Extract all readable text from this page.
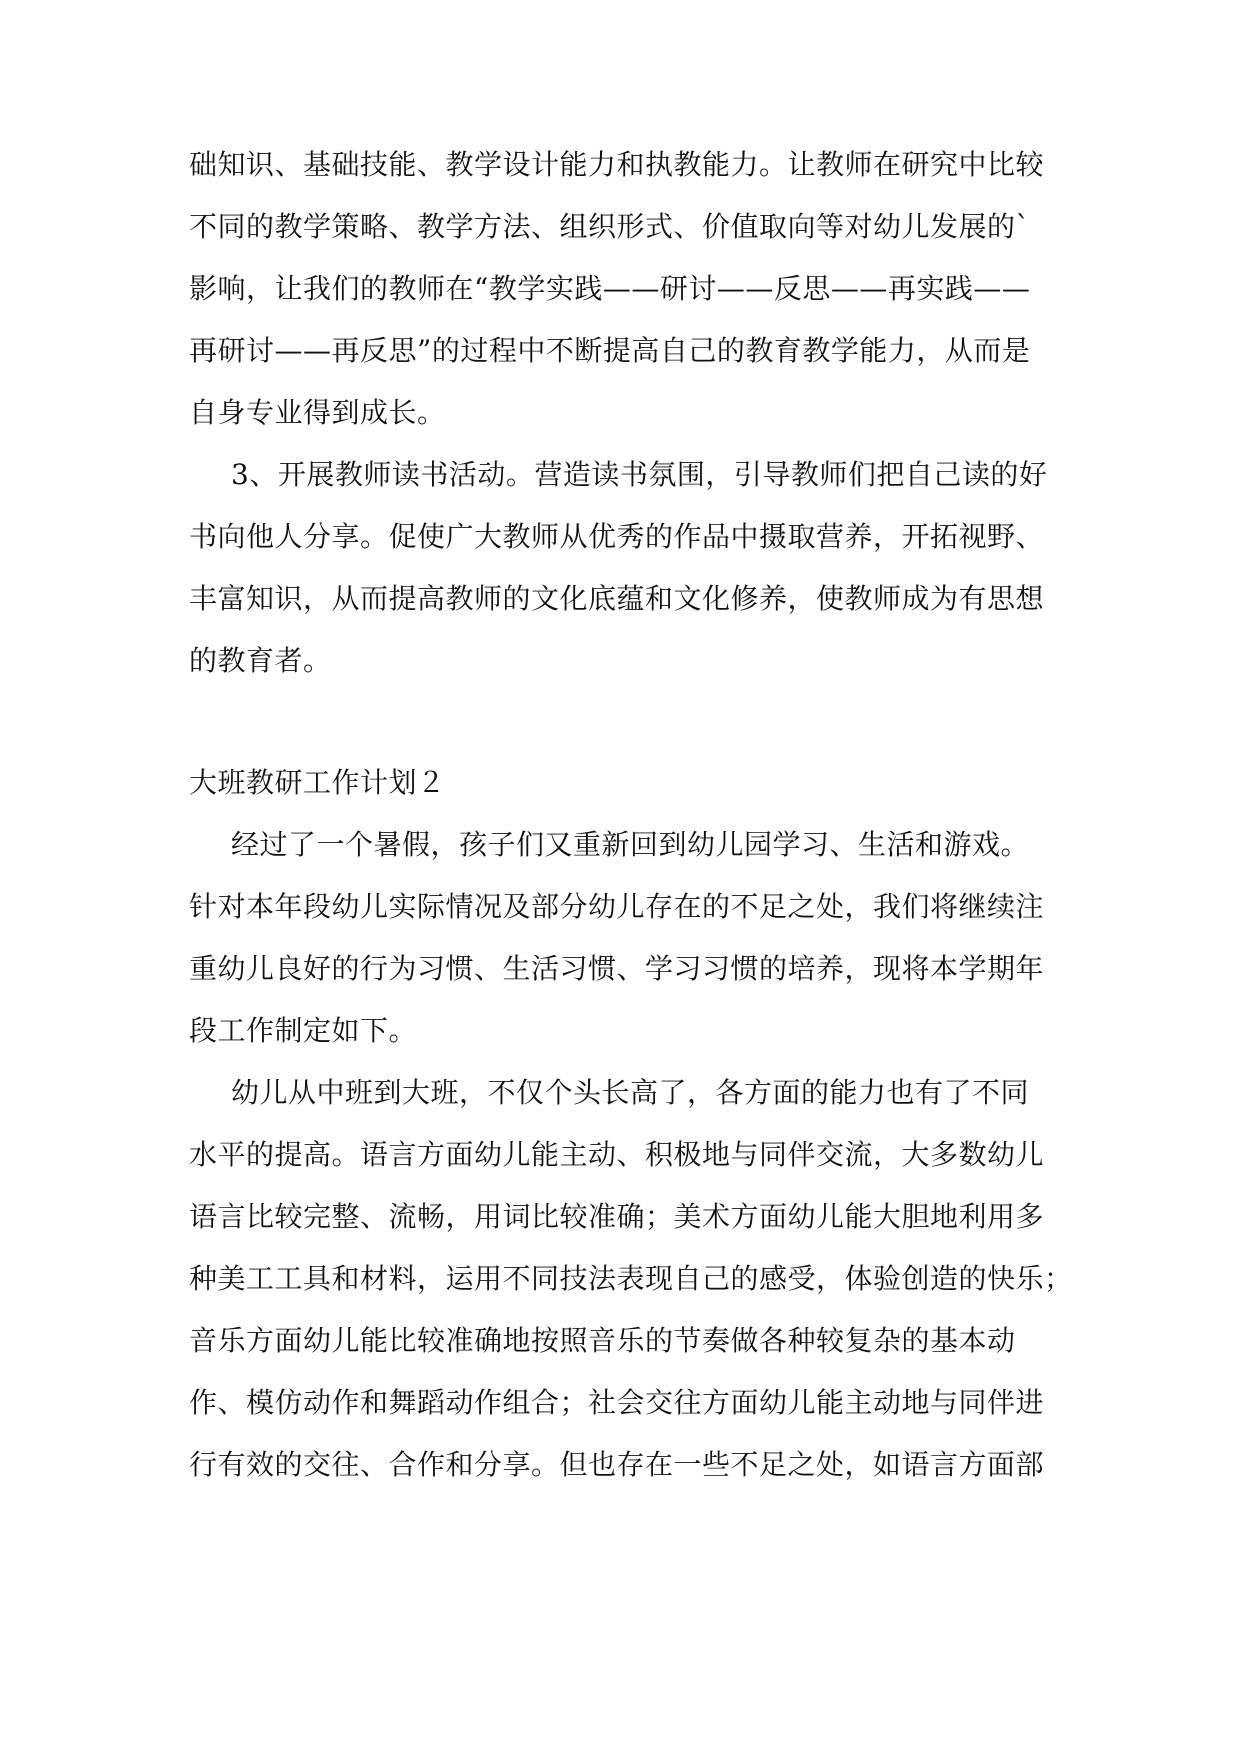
础知识、基础技能、教学设计能力和执教能力。让教师在研究中比较
不同的教学策略、教学方法、组织形式、价值取向等对幼儿发展的`
影响，让我们的教师在“教学实践——研讨——反思——再实践——
再研讨——再反思”的过程中不断提高自己的教育教学能力，从而是
自身专业得到成长。
3、开展教师读书活动。营造读书氛围，引导教师们把自己读的好
书向他人分享。促使广大教师从优秀的作品中摄取营养，开拓视野、
丰富知识，从而提高教师的文化底蕴和文化修养，使教师成为有思想
的教育者。
大班教研工作计划２
经过了一个暑假，孩子们又重新回到幼儿园学习、生活和游戏。
针对本年段幼儿实际情况及部分幼儿存在的不足之处，我们将继续注
重幼儿良好的行为习惯、生活习惯、学习习惯的培养，现将本学期年
段工作制定如下。
幼儿从中班到大班，不仅个头长高了，各方面的能力也有了不同
水平的提高。语言方面幼儿能主动、积极地与同伴交流，大多数幼儿
语言比较完整、流畅，用词比较准确；美术方面幼儿能大胆地利用多
种美工工具和材料，运用不同技法表现自己的感受，体验创造的快乐；
音乐方面幼儿能比较准确地按照音乐的节奏做各种较复杂的基本动
作、模仿动作和舞蹈动作组合；社会交往方面幼儿能主动地与同伴进
行有效的交往、合作和分享。但也存在一些不足之处，如语言方面部
